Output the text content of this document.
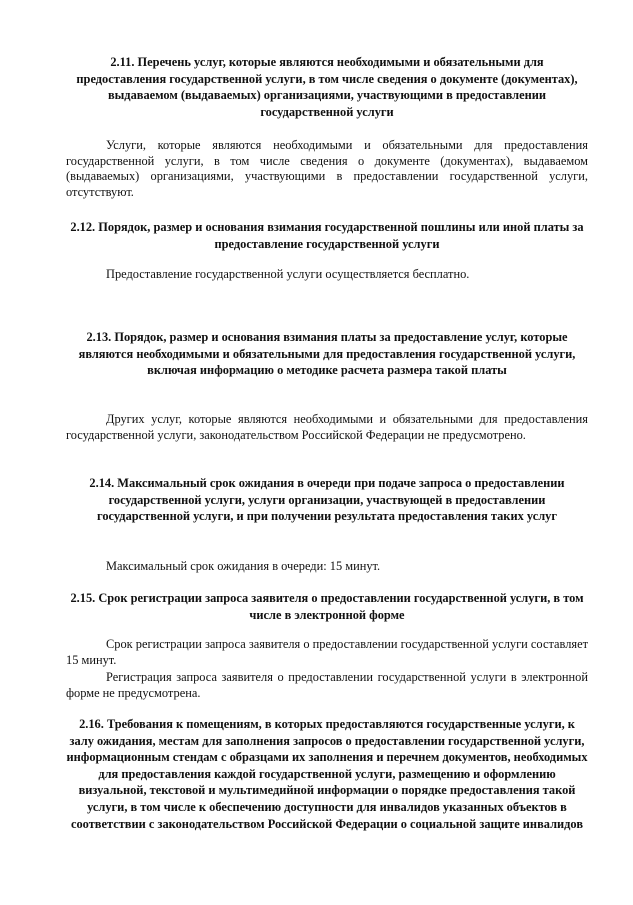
2.11. Перечень услуг, которые являются необходимыми и обязательными для предоставления государственной услуги, в том числе сведения о документе (документах), выдаваемом (выдаваемых) организациями, участвующими в предоставлении государственной услуги
Услуги, которые являются необходимыми и обязательными для предоставления государственной услуги, в том числе сведения о документе (документах), выдаваемом (выдаваемых) организациями, участвующими в предоставлении государственной услуги, отсутствуют.
2.12. Порядок, размер и основания взимания государственной пошлины или иной платы за предоставление государственной услуги
Предоставление государственной услуги осуществляется бесплатно.
2.13. Порядок, размер и основания взимания платы за предоставление услуг, которые являются необходимыми и обязательными для предоставления государственной услуги, включая информацию о методике расчета размера такой платы
Других услуг, которые являются необходимыми и обязательными для предоставления государственной услуги, законодательством Российской Федерации не предусмотрено.
2.14. Максимальный срок ожидания в очереди при подаче запроса о предоставлении государственной услуги, услуги организации, участвующей в предоставлении государственной услуги, и при получении результата предоставления таких услуг
Максимальный срок ожидания в очереди: 15 минут.
2.15. Срок регистрации запроса заявителя о предоставлении государственной услуги, в том числе в электронной форме
Срок регистрации запроса заявителя о предоставлении государственной услуги составляет 15 минут.
Регистрация запроса заявителя о предоставлении государственной услуги в электронной форме не предусмотрена.
2.16. Требования к помещениям, в которых предоставляются государственные услуги, к залу ожидания, местам для заполнения запросов о предоставлении государственной услуги, информационным стендам с образцами их заполнения и перечнем документов, необходимых для предоставления каждой государственной услуги, размещению и оформлению визуальной, текстовой и мультимедийной информации о порядке предоставления такой услуги, в том числе к обеспечению доступности для инвалидов указанных объектов в соответствии с законодательством Российской Федерации о социальной защите инвалидов
